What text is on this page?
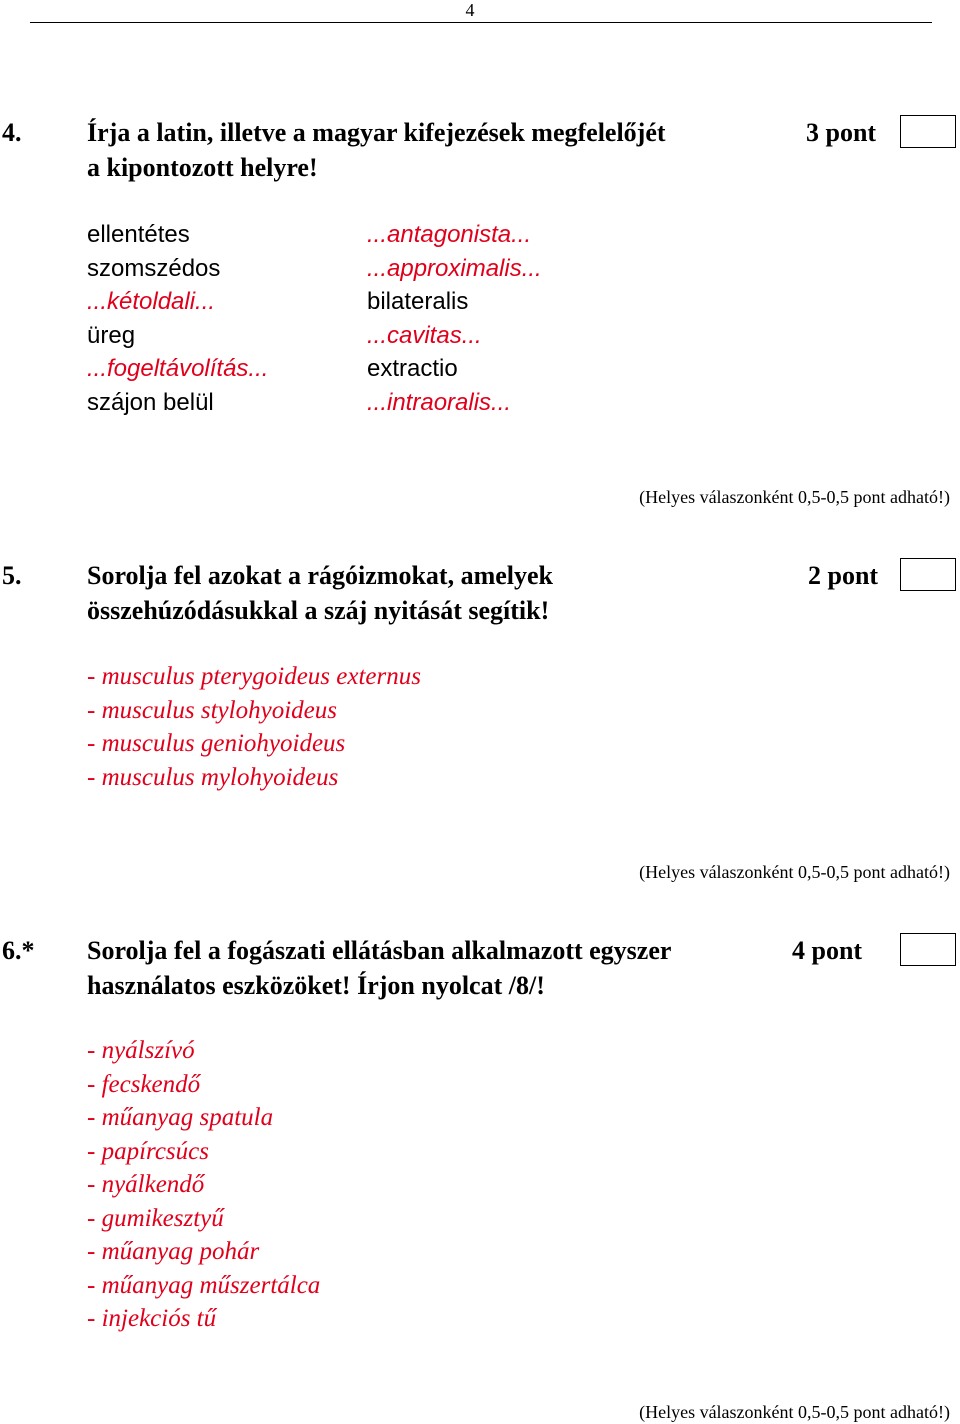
4
4.	Írja a latin, illetve a magyar kifejezések megfelelőjét
a kipontozott helyre!
3 pont
ellentétes
szomszédos
...kétoldali...
üreg
...fogeltávolítás...
szájon belül
...antagonista...
...approximalis...
bilateralis
...cavitas...
extractio
...intraoralis...
(Helyes válaszonként 0,5-0,5 pont adható!)
5.	Sorolja fel azokat a rágóizmokat, amelyek
összehúzódásukkal a száj nyitását segítik!
2 pont
- musculus pterygoideus externus
- musculus stylohyoideus
- musculus geniohyoideus
- musculus mylohyoideus
(Helyes válaszonként 0,5-0,5 pont adható!)
6.* Sorolja fel a fogászati ellátásban alkalmazott egyszer
használatos eszközöket! Írjon nyolcat /8/!
4 pont
- nyálszívó
- fecskendő
- műanyag spatula
- papírcsúcs
- nyálkendő
- gumikesztyű
- műanyag pohár
- műanyag műszertálca
- injekciós tű
(Helyes válaszonként 0,5-0,5 pont adható!)
